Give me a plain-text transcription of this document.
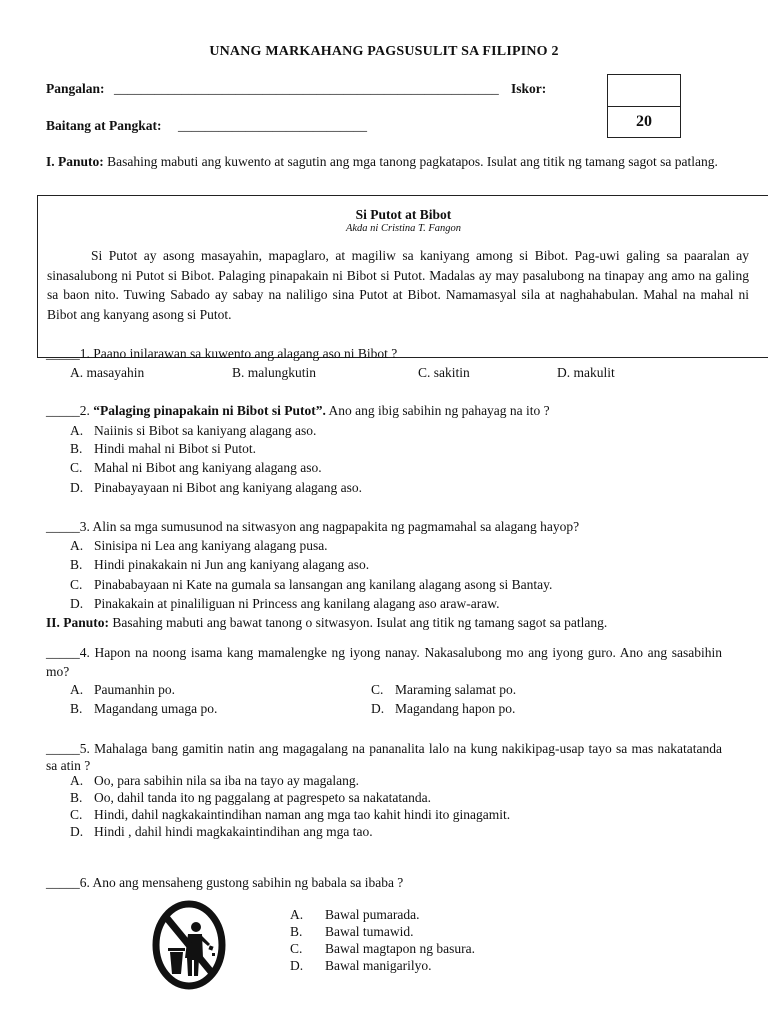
UNANG MARKAHANG PAGSUSULIT SA FILIPINO 2
Pangalan: _________________________________________________________ Iskor:
Baitang at Pangkat: ____________________________	20
I. Panuto: Basahing mabuti ang kuwento at sagutin ang mga tanong pagkatapos. Isulat ang titik ng tamang sagot sa patlang.
Si Putot at Bibot
Akda ni Cristina T. Fangon
Si Putot ay asong masayahin, mapaglaro, at magiliw sa kaniyang among si Bibot. Pag-uwi galing sa paaralan ay sinasalubong ni Putot si Bibot. Palaging pinapakain ni Bibot si Putot. Madalas ay may pasalubong na tinapay ang amo na galing sa baon nito. Tuwing Sabado ay sabay na naliligo sina Putot at Bibot. Namamasyal sila at naghahabulan. Mahal na mahal ni Bibot ang kanyang asong si Putot.
_____1. Paano inilarawan sa kuwento ang alagang aso ni Bibot ?
A. masayahin	B. malungkutin	C. sakitin	D. makulit
_____2. “Palaging pinapakain ni Bibot si Putot”. Ano ang ibig sabihin ng pahayag na ito ?
A. Naiinis si Bibot sa kaniyang alagang aso.
B. Hindi mahal ni Bibot si Putot.
C. Mahal ni Bibot ang kaniyang alagang aso.
D. Pinabayayaan ni Bibot ang kaniyang alagang aso.
_____3. Alin sa mga sumusunod na sitwasyon ang nagpapakita ng pagmamahal sa alagang hayop?
A. Sinisipa ni Lea ang kaniyang alagang pusa.
B. Hindi pinakakain ni Jun ang kaniyang alagang aso.
C. Pinababayaan ni Kate na gumala sa lansangan ang kanilang alagang asong si Bantay.
D. Pinakakain at pinaliliguan ni Princess ang kanilang alagang aso araw-araw.
II. Panuto: Basahing mabuti ang bawat tanong o sitwasyon. Isulat ang titik ng tamang sagot sa patlang.
_____4. Hapon na noong isama kang mamalengke ng iyong nanay. Nakasalubong mo ang iyong guro. Ano ang sasabihin mo?
A. Paumanhin po.	C. Maraming salamat po.
B. Magandang umaga po.	D. Magandang hapon po.
_____5. Mahalaga bang gamitin natin ang magagalang na pananalita lalo na kung nakikipag-usap tayo sa mas nakatatanda sa atin ?
A. Oo, para sabihin nila sa iba na tayo ay magalang.
B. Oo, dahil tanda ito ng paggalang at pagrespeto sa nakatatanda.
C. Hindi, dahil nagkakaintindihan naman ang mga tao kahit hindi ito ginagamit.
D. Hindi , dahil hindi magkakaintindihan ang mga tao.
_____6. Ano ang mensaheng gustong sabihin ng babala sa ibaba ?
A. Bawal pumarada.
B. Bawal tumawid.
C. Bawal magtapon ng basura.
D. Bawal manigarilyo.
